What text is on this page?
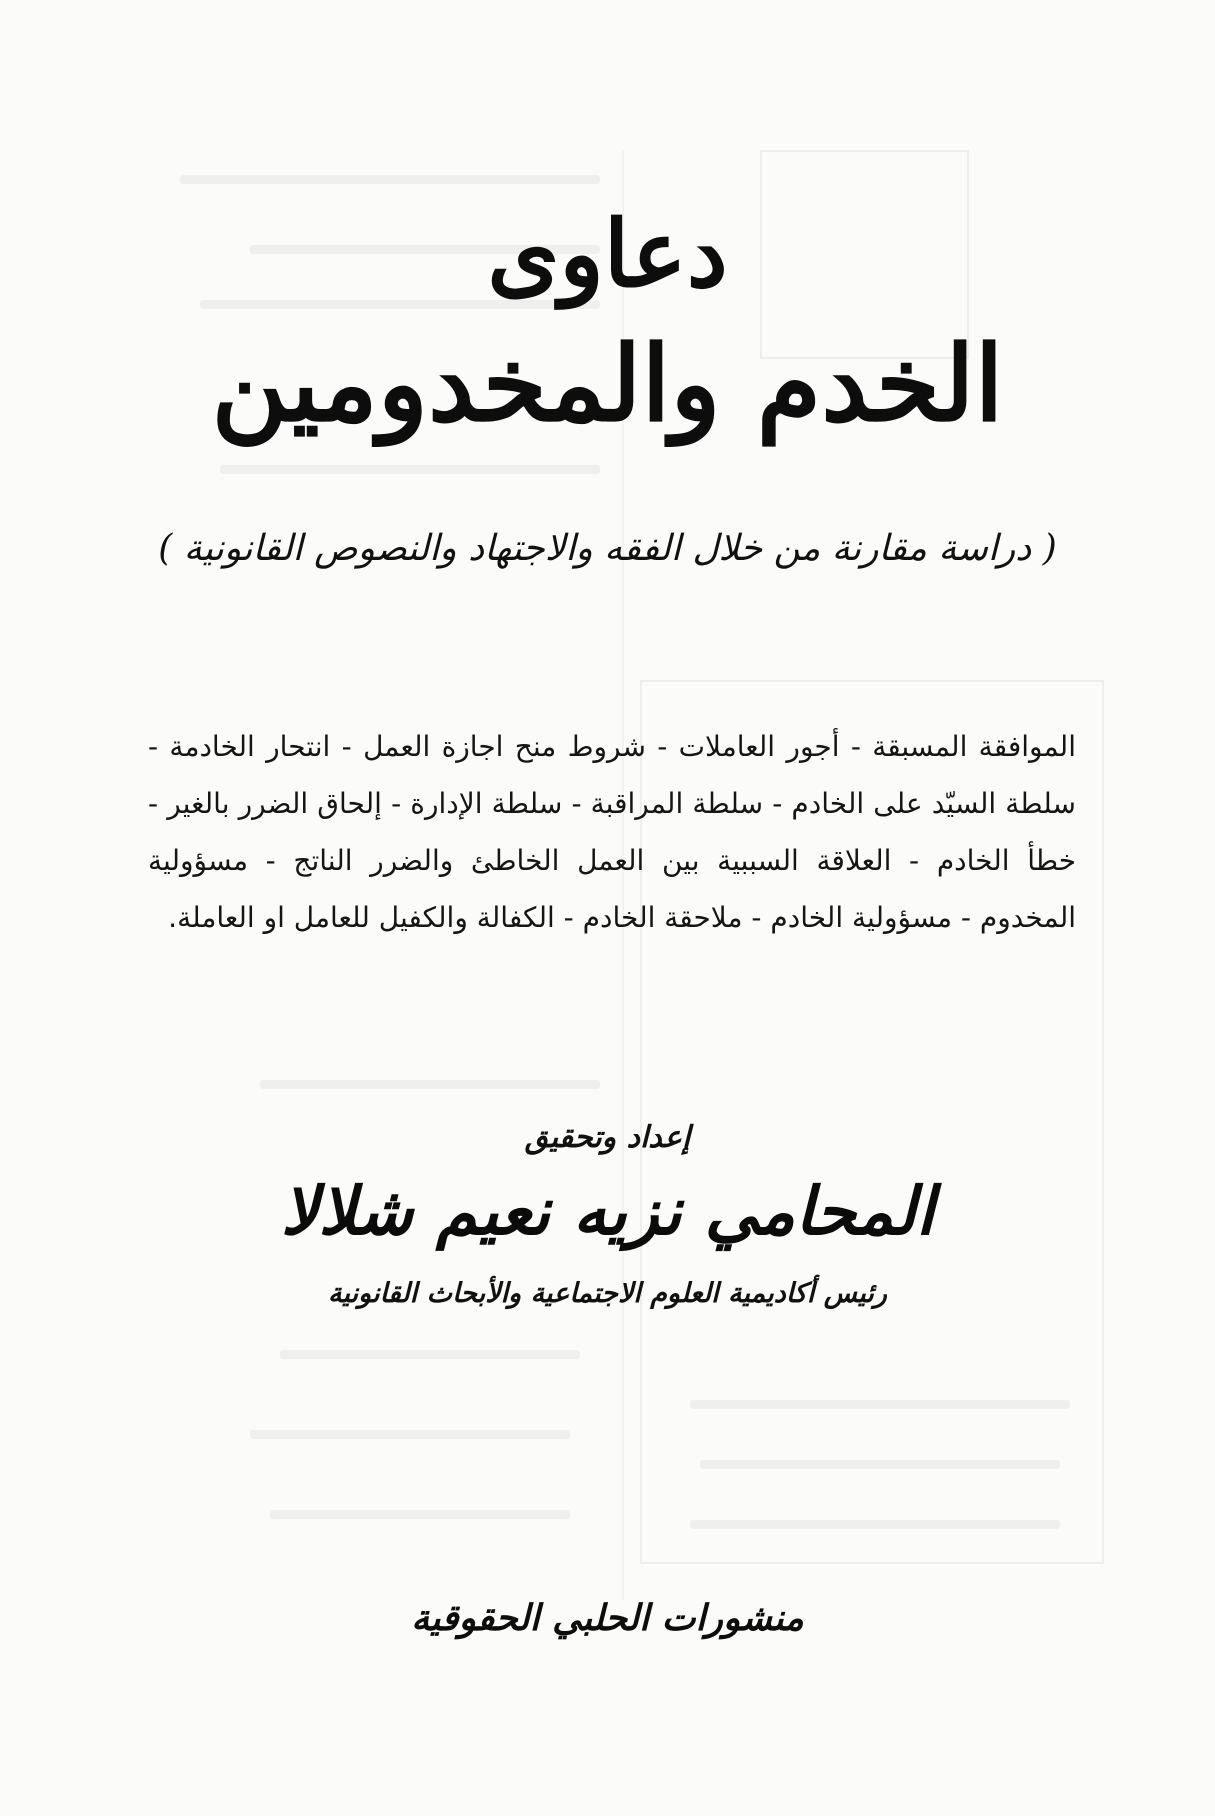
دعاوى
الخدم والمخدومين
( دراسة مقارنة من خلال الفقه والاجتهاد والنصوص القانونية )
الموافقة المسبقة - أجور العاملات - شروط منح اجازة العمل - انتحار الخادمة - سلطة السيّد على الخادم - سلطة المراقبة - سلطة الإدارة - إلحاق الضرر بالغير - خطأ الخادم - العلاقة السببية بين العمل الخاطئ والضرر الناتج - مسؤولية المخدوم - مسؤولية الخادم - ملاحقة الخادم - الكفالة والكفيل للعامل او العاملة.
إعداد وتحقيق
المحامي نزيه نعيم شلالا
رئيس أكاديمية العلوم الاجتماعية والأبحاث القانونية
منشورات الحلبي الحقوقية
